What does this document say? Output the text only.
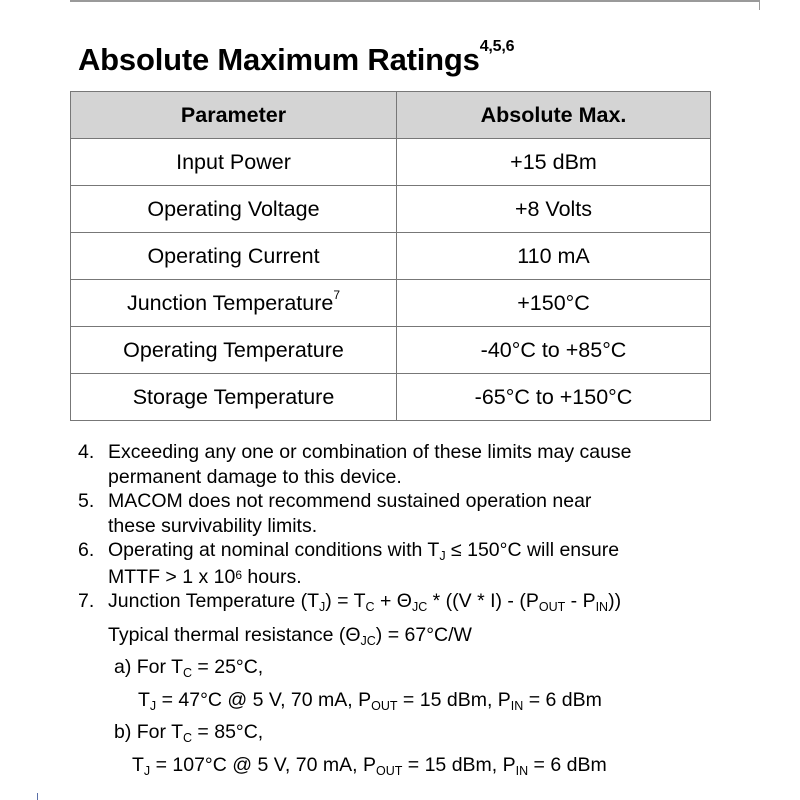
Absolute Maximum Ratings$^{4,5,6}$
Parameter	Absolute Max.
Input Power	+15 dBm
Operating Voltage	+8 Volts
Operating Current	110 mA
Junction Temperature$^7$	+150°C
Operating Temperature	-40°C to +85°C
Storage Temperature	-65°C to +150°C
4. Exceeding any one or combination of these limits may cause
permanent damage to this device.
5. MACOM does not recommend sustained operation near
these survivability limits.
6. Operating at nominal conditions with $T_J \le 150^\circ C$ will ensure
MTTF > 1 x $10^6$ hours.
7. Junction Temperature $(T_J) = T_C + \Theta_{JC} * ((V * I) - (P_{OUT} - P_{IN}))$
Typical thermal resistance $(\Theta_{JC}) = 67^\circ C/W$
a) For $T_C = 25^\circ C$,
$T_J = 47^\circ C$ @ 5 V, 70 mA, $P_{OUT} = 15$ dBm, $P_{IN} = 6$ dBm
b) For $T_C = 85^\circ C$,
$T_J = 107^\circ C$ @ 5 V, 70 mA, $P_{OUT} = 15$ dBm, $P_{IN} = 6$ dBm
